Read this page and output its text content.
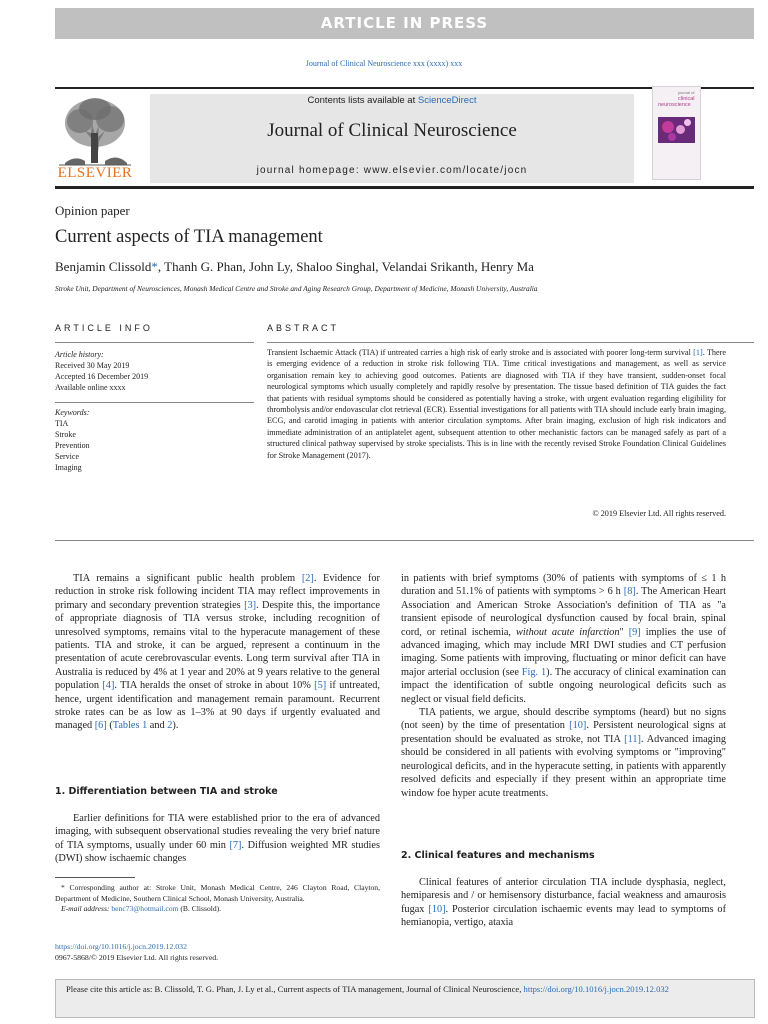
ARTICLE IN PRESS
Journal of Clinical Neuroscience xxx (xxxx) xxx
ELSEVIER
Contents lists available at ScienceDirect
Journal of Clinical Neuroscience
journal homepage: www.elsevier.com/locate/jocn
journal of
clinical
neuroscience
Opinion paper
Current aspects of TIA management
Benjamin Clissold*, Thanh G. Phan, John Ly, Shaloo Singhal, Velandai Srikanth, Henry Ma
Stroke Unit, Department of Neurosciences, Monash Medical Centre and Stroke and Aging Research Group, Department of Medicine, Monash University, Australia
ARTICLE INFO
Article history:
Received 30 May 2019
Accepted 16 December 2019
Available online xxxx
Keywords:
TIA
Stroke
Prevention
Service
Imaging
ABSTRACT
Transient Ischaemic Attack (TIA) if untreated carries a high risk of early stroke and is associated with poorer long-term survival [1]. There is emerging evidence of a reduction in stroke risk following TIA. Time critical investigations and management, as well as service organisation remain key to achieving good outcomes. Patients are diagnosed with TIA if they have transient, sudden-onset focal neurological symptoms which usually completely and rapidly resolve by presentation. The tissue based definition of TIA guides the fact that patients with residual symptoms should be considered as potentially having a stroke, with urgent evaluation regarding eligibility for thrombolysis and/or endovascular clot retrieval (ECR). Essential investigations for all patients with TIA should include early brain imaging, ECG, and carotid imaging in patients with anterior circulation symptoms. After brain imaging, exclusion of high risk indicators and immediate administration of an antiplatelet agent, subsequent attention to other mechanistic factors can be managed safely as part of a structured clinical pathway supervised by stroke specialists. This is in line with the recently revised Stroke Foundation Clinical Guidelines for Stroke Management (2017).
© 2019 Elsevier Ltd. All rights reserved.

TIA remains a significant public health problem [2]. Evidence for reduction in stroke risk following incident TIA may reflect improvements in primary and secondary prevention strategies [3]. Despite this, the importance of appropriate diagnosis of TIA versus stroke, including recognition of unresolved symptoms, remains vital to the hyperacute management of these patients. TIA and stroke, it can be argued, represent a continuum in the presentation of acute cerebrovascular events. Long term survival after TIA in Australia is reduced by 4% at 1 year and 20% at 9 years relative to the general population [4]. TIA heralds the onset of stroke in about 10% [5] if untreated, hence, urgent identification and management remain paramount. Recurrent stroke rates can be as low as 1–3% at 90 days if urgently evaluated and managed [6] (Tables 1 and 2).

1. Differentiation between TIA and stroke

Earlier definitions for TIA were established prior to the era of advanced imaging, with subsequent observational studies revealing the very brief nature of TIA symptoms, usually under 60 min [7]. Diffusion weighted MR studies (DWI) show ischaemic changes

* Corresponding author at: Stroke Unit, Monash Medical Centre, 246 Clayton Road, Clayton, Department of Medicine, Southern Clinical School, Monash University, Australia.
E-mail address: benc73@hotmail.com (B. Clissold).
https://doi.org/10.1016/j.jocn.2019.12.032
0967-5868/© 2019 Elsevier Ltd. All rights reserved.

in patients with brief symptoms (30% of patients with symptoms of ≤ 1 h duration and 51.1% of patients with symptoms > 6 h [8]. The American Heart Association and American Stroke Association's definition of TIA as "a transient episode of neurological dysfunction caused by focal brain, spinal cord, or retinal ischemia, without acute infarction" [9] implies the use of advanced imaging, which may include MRI DWI studies and CT perfusion imaging. Some patients with improving, fluctuating or minor deficit can have major arterial occlusion (see Fig. 1). The accuracy of clinical examination can impact the identification of subtle ongoing neurological deficits such as neglect or visual field deficits.

TIA patients, we argue, should describe symptoms (heard) but no signs (not seen) by the time of presentation [10]. Persistent neurological signs at presentation should be evaluated as stroke, not TIA [11]. Advanced imaging should be considered in all patients with evolving symptoms or "improving" neurological deficits, and in the hyperacute setting, in patients with apparently resolved deficits and especially if they present within an appropriate time window foe hyper acute treatments.

2. Clinical features and mechanisms

Clinical features of anterior circulation TIA include dysphasia, neglect, hemiparesis and / or hemisensory disturbance, facial weakness and amaurosis fugax [10]. Posterior circulation ischaemic events may lead to symptoms of hemianopia, vertigo, ataxia

Please cite this article as: B. Clissold, T. G. Phan, J. Ly et al., Current aspects of TIA management, Journal of Clinical Neuroscience, https://doi.org/10.1016/j.jocn.2019.12.032
